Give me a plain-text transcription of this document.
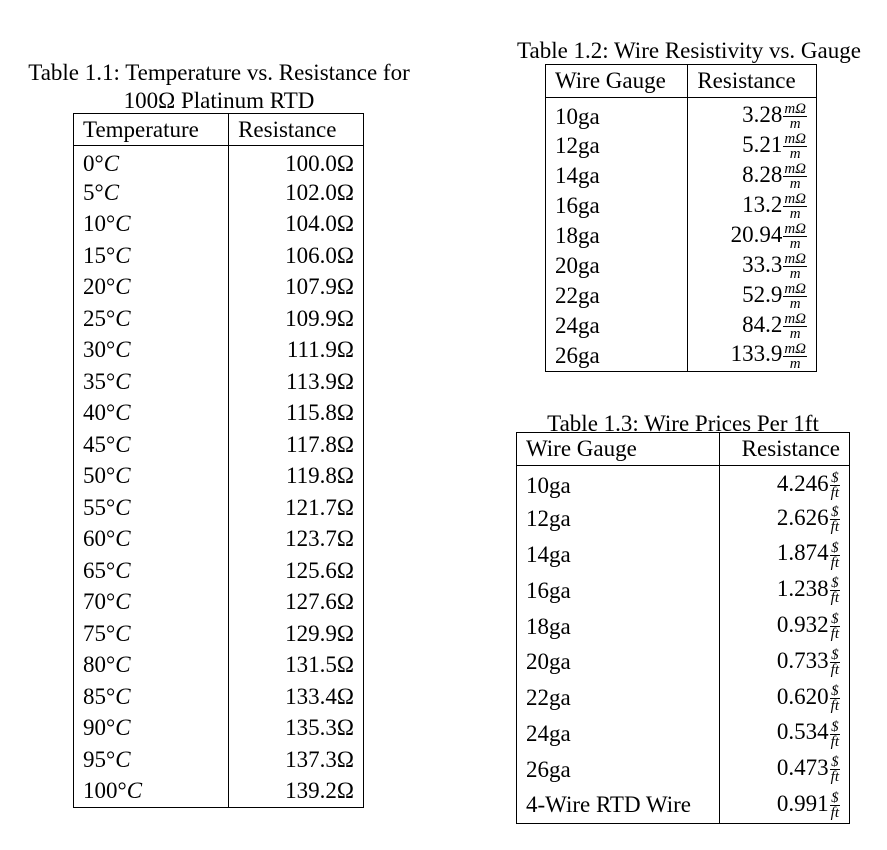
Table 1.1: Temperature vs. Resistance for
100Ω Platinum RTD
Temperature	Resistance
0°C	100.0Ω
5°C	102.0Ω
10°C	104.0Ω
15°C	106.0Ω
20°C	107.9Ω
25°C	109.9Ω
30°C	111.9Ω
35°C	113.9Ω
40°C	115.8Ω
45°C	117.8Ω
50°C	119.8Ω
55°C	121.7Ω
60°C	123.7Ω
65°C	125.6Ω
70°C	127.6Ω
75°C	129.9Ω
80°C	131.5Ω
85°C	133.4Ω
90°C	135.3Ω
95°C	137.3Ω
100°C	139.2Ω
Table 1.2: Wire Resistivity vs. Gauge
Wire Gauge	Resistance
10ga	$3.28 \frac{m\Omega}{m}$

12ga	$5.21 \frac{m\Omega}{m}$

14ga	$8.28 \frac{m\Omega}{m}$

16ga	$13.2 \frac{m\Omega}{m}$

18ga	$20.94 \frac{m\Omega}{m}$

20ga	$33.3 \frac{m\Omega}{m}$

22ga	$52.9 \frac{m\Omega}{m}$

24ga	$84.2 \frac{m\Omega}{m}$

26ga	$133.9 \frac{m\Omega}{m}$
Table 1.3: Wire Prices Per 1ft
Wire Gauge	Resistance
10ga	$4.246 \frac{\$}{ft}$

12ga	$2.626 \frac{\$}{ft}$

14ga	$1.874 \frac{\$}{ft}$

16ga	$1.238 \frac{\$}{ft}$

18ga	$0.932 \frac{\$}{ft}$

20ga	$0.733 \frac{\$}{ft}$

22ga	$0.620 \frac{\$}{ft}$

24ga	$0.534 \frac{\$}{ft}$

26ga	$0.473 \frac{\$}{ft}$

4-Wire RTD Wire	$0.991 \frac{\$}{ft}$
